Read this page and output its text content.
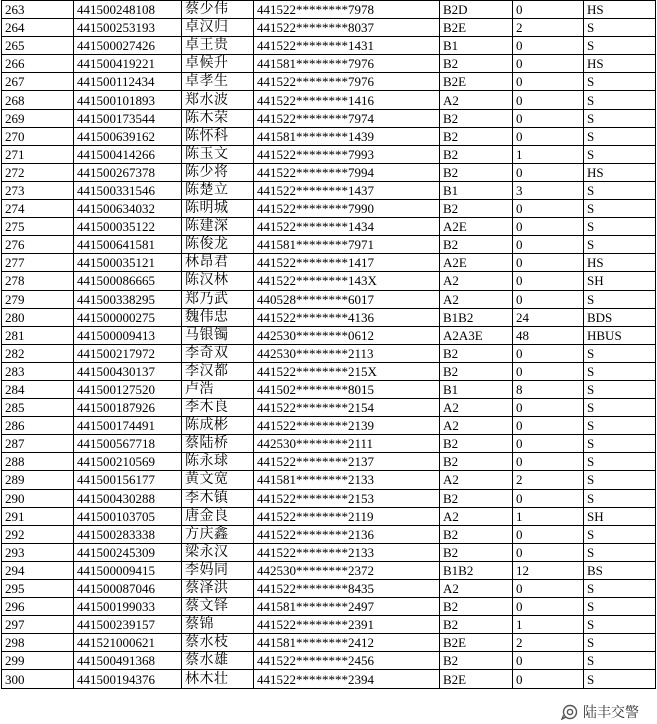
263	441500248108	蔡少伟	441522********7978	B2D	0	HS
264	441500253193	卓汉归	441522********8037	B2E	2	S
265	441500027426	卓王贵	441522********1431	B1	0	S
266	441500419221	卓候升	441581********7976	B2	0	HS
267	441500112434	卓孝生	441522********7976	B2E	0	S
268	441500101893	郑水波	441522********1416	A2	0	S
269	441500173544	陈木荣	441522********7974	B2	0	S
270	441500639162	陈怀科	441581********1439	B2	0	S
271	441500414266	陈玉文	441522********7993	B2	1	S
272	441500267378	陈少将	441522********7994	B2	0	HS
273	441500331546	陈楚立	441522********1437	B1	3	S
274	441500634032	陈明城	441522********7990	B2	0	S
275	441500035122	陈建深	441522********1434	A2E	0	S
276	441500641581	陈俊龙	441581********7971	B2	0	S
277	441500035121	林昂君	441522********1417	A2E	0	HS
278	441500086665	陈汉林	441522********143X	A2	0	SH
279	441500338295	郑乃武	440528********6017	A2	0	S
280	441500000275	魏伟忠	441522********4136	B1B2	24	BDS
281	441500009413	马银镯	442530********0612	A2A3E	48	HBUS
282	441500217972	李奇双	442530********2113	B2	0	S
283	441500430137	李汉都	441522********215X	B2	0	S
284	441500127520	卢浩	441502********8015	B1	8	S
285	441500187926	李木良	441522********2154	A2	0	S
286	441500174491	陈成彬	441522********2139	A2	0	S
287	441500567718	蔡陆桥	442530********2111	B2	0	S
288	441500210569	陈永球	441522********2137	B2	0	S
289	441500156177	黄文宽	441581********2133	A2	2	S
290	441500430288	李木镇	441522********2153	B2	0	S
291	441500103705	唐金良	441522********2119	A2	1	SH
292	441500283338	方庆鑫	441522********2136	B2	0	S
293	441500245309	梁永汉	441522********2133	B2	0	S
294	441500009415	李妈同	442530********2372	B1B2	12	BS
295	441500087046	蔡泽洪	441522********8435	A2	0	S
296	441500199033	蔡文铎	441581********2497	B2	0	S
297	441500239157	蔡锦	441522********2391	B2	1	S
298	441521000621	蔡水枝	441581********2412	B2E	2	S
299	441500491368	蔡水雄	441522********2456	B2	0	S
300	441500194376	林木壮	441522********2394	B2E	0	S
陆丰交警
